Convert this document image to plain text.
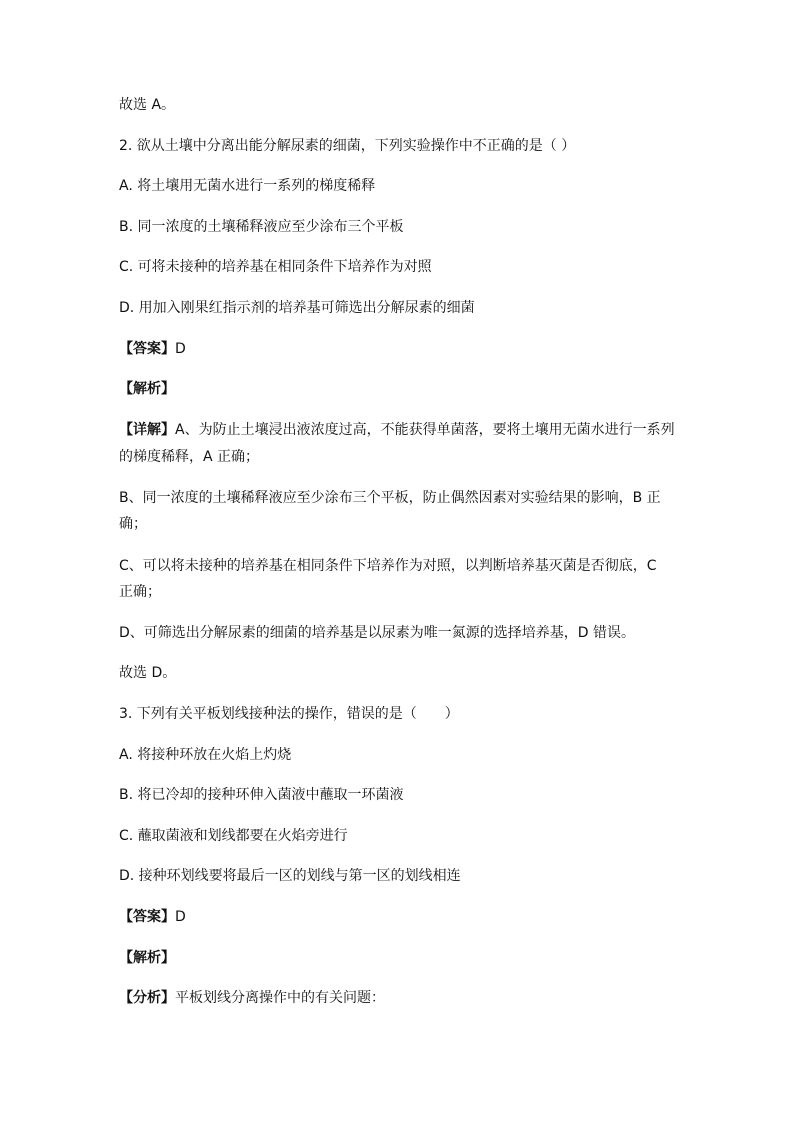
故选 A。
2. 欲从土壤中分离出能分解尿素的细菌，下列实验操作中不正确的是（ ）
A. 将土壤用无菌水进行一系列的梯度稀释
B. 同一浓度的土壤稀释液应至少涂布三个平板
C. 可将未接种的培养基在相同条件下培养作为对照
D. 用加入刚果红指示剂的培养基可筛选出分解尿素的细菌
【答案】D
【解析】
【详解】A、为防止土壤浸出液浓度过高，不能获得单菌落，要将土壤用无菌水进行一系列
的梯度稀释，A 正确；
B、同一浓度的土壤稀释液应至少涂布三个平板，防止偶然因素对实验结果的影响，B 正
确；
C、可以将未接种的培养基在相同条件下培养作为对照，以判断培养基灭菌是否彻底，C
正确；
D、可筛选出分解尿素的细菌的培养基是以尿素为唯一氮源的选择培养基，D 错误。
故选 D。
3. 下列有关平板划线接种法的操作，错误的是（　　）
A. 将接种环放在火焰上灼烧
B. 将已冷却的接种环伸入菌液中蘸取一环菌液
C. 蘸取菌液和划线都要在火焰旁进行
D. 接种环划线要将最后一区的划线与第一区的划线相连
【答案】D
【解析】
【分析】平板划线分离操作中的有关问题：
